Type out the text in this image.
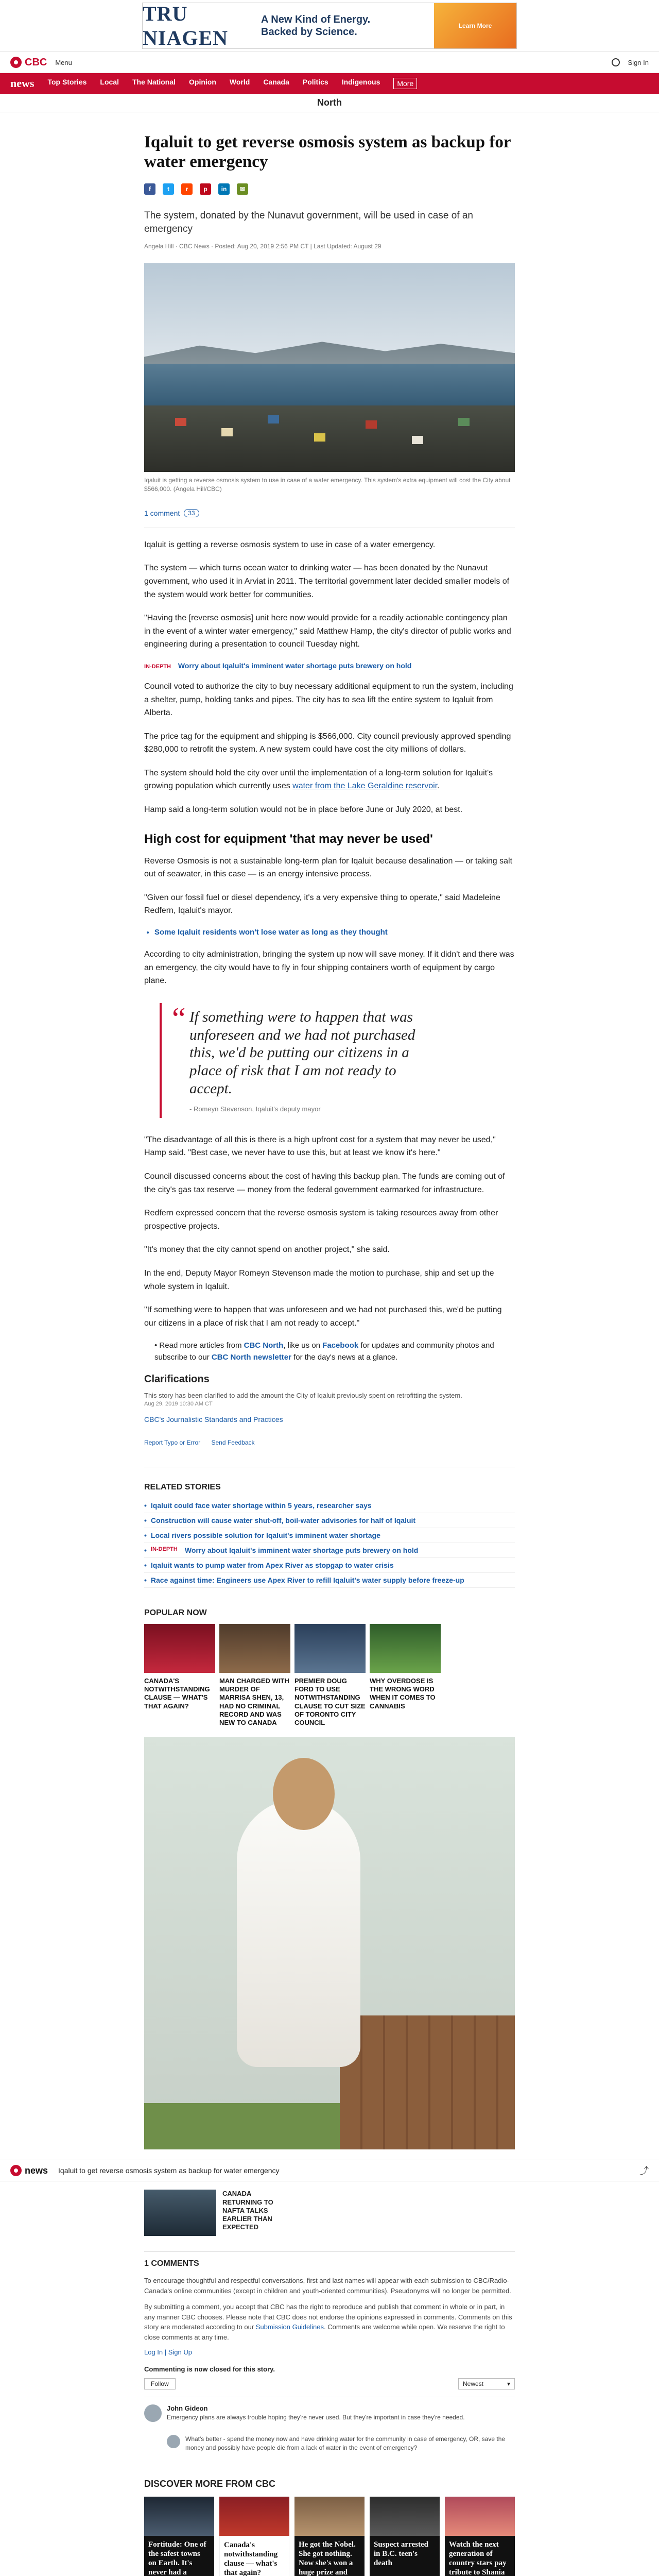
TRU NIAGEN
A New Kind of Energy.
Backed by Science.
Learn More
CBC Menu	Sign In
news Top Stories Local The National Opinion World Canada Politics Indigenous	More
North
Iqaluit to get reverse osmosis system as backup for water emergency
f	t	r	p	in	✉

The system, donated by the Nunavut government, will be used in case of an emergency

Angela Hill · CBC News · Posted: Aug 20, 2019 2:56 PM CT | Last Updated: August 29

Iqaluit is getting a reverse osmosis system to use in case of a water emergency. This system's extra equipment will cost the City about $566,000. (Angela Hill/CBC)

1 comment	33

Iqaluit is getting a reverse osmosis system to use in case of a water emergency.

The system — which turns ocean water to drinking water — has been donated by the Nunavut government, who used it in Arviat in 2011. The territorial government later decided smaller models of the system would work better for communities.

"Having the [reverse osmosis] unit here now would provide for a readily actionable contingency plan in the event of a winter water emergency," said Matthew Hamp, the city's director of public works and engineering during a presentation to council Tuesday night.

IN-DEPTH Worry about Iqaluit's imminent water shortage puts brewery on hold

Council voted to authorize the city to buy necessary additional equipment to run the system, including a shelter, pump, holding tanks and pipes. The city has to sea lift the entire system to Iqaluit from Alberta.

The price tag for the equipment and shipping is $566,000. City council previously approved spending $280,000 to retrofit the system. A new system could have cost the city millions of dollars.

The system should hold the city over until the implementation of a long-term solution for Iqaluit's growing population which currently uses water from the Lake Geraldine reservoir.

Hamp said a long-term solution would not be in place before June or July 2020, at best.

High cost for equipment 'that may never be used'

Reverse Osmosis is not a sustainable long-term plan for Iqaluit because desalination — or taking salt out of seawater, in this case — is an energy intensive process.

"Given our fossil fuel or diesel dependency, it's a very expensive thing to operate," said Madeleine Redfern, Iqaluit's mayor.

• Some Iqaluit residents won't lose water as long as they thought

According to city administration, bringing the system up now will save money. If it didn't and there was an emergency, the city would have to fly in four shipping containers worth of equipment by cargo plane.

“ If something were to happen that was unforeseen and we had not purchased this, we'd be putting our citizens in a place of risk that I am not ready to accept.
- Romeyn Stevenson, Iqaluit's deputy mayor

"The disadvantage of all this is there is a high upfront cost for a system that may never be used," Hamp said. "Best case, we never have to use this, but at least we know it's here."

Council discussed concerns about the cost of having this backup plan. The funds are coming out of the city's gas tax reserve — money from the federal government earmarked for infrastructure.

Redfern expressed concern that the reverse osmosis system is taking resources away from other prospective projects.

"It's money that the city cannot spend on another project," she said.

In the end, Deputy Mayor Romeyn Stevenson made the motion to purchase, ship and set up the whole system in Iqaluit.

"If something were to happen that was unforeseen and we had not purchased this, we'd be putting our citizens in a place of risk that I am not ready to accept."

• Read more articles from CBC North, like us on Facebook for updates and community photos and subscribe to our CBC North newsletter for the day's news at a glance.
Clarifications

This story has been clarified to add the amount the City of Iqaluit previously spent on retrofitting the system.

Aug 29, 2019 10:30 AM CT

CBC's Journalistic Standards and Practices

Report Typo or Error Send Feedback
RELATED STORIES
• Iqaluit could face water shortage within 5 years, researcher says
• Construction will cause water shut-off, boil-water advisories for half of Iqaluit
• Local rivers possible solution for Iqaluit's imminent water shortage
• IN-DEPTH Worry about Iqaluit's imminent water shortage puts brewery on hold
• Iqaluit wants to pump water from Apex River as stopgap to water crisis
• Race against time: Engineers use Apex River to refill Iqaluit's water supply before freeze-up
POPULAR NOW
CANADA'S NOTWITHSTANDING CLAUSE — WHAT'S THAT AGAIN?
MAN CHARGED WITH MURDER OF MARRISA SHEN, 13, HAD NO CRIMINAL RECORD AND WAS NEW TO CANADA
PREMIER DOUG FORD TO USE NOTWITHSTANDING CLAUSE TO CUT SIZE OF TORONTO CITY COUNCIL
WHY OVERDOSE IS THE WRONG WORD WHEN IT COMES TO CANNABIS
news Iqaluit to get reverse osmosis system as backup for water emergency	⤴
CANADA RETURNING TO NAFTA TALKS EARLIER THAN EXPECTED
1 COMMENTS

To encourage thoughtful and respectful conversations, first and last names will appear with each submission to CBC/Radio-Canada's online communities (except in children and youth-oriented communities). Pseudonyms will no longer be permitted.

By submitting a comment, you accept that CBC has the right to reproduce and publish that comment in whole or in part, in any manner CBC chooses. Please note that CBC does not endorse the opinions expressed in comments. Comments on this story are moderated according to our Submission Guidelines. Comments are welcome while open. We reserve the right to close comments at any time.

Log In | Sign Up
Commenting is now closed for this story.
Follow	Newest	▾
John Gideon
Emergency plans are always trouble hoping they're never used. But they're important in case they're needed.
What's better - spend the money now and have drinking water for the community in case of emergency, OR, save the money and possibly have people die from a lack of water in the event of emergency?
DISCOVER MORE FROM CBC
Fortitude: One of the safest towns on Earth. It's never had a
Canada's notwithstanding clause — what's that again?
He got the Nobel. She got nothing. Now she's won a huge prize and
Suspect arrested in B.C. teen's death
Watch the next generation of country stars pay tribute to Shania
